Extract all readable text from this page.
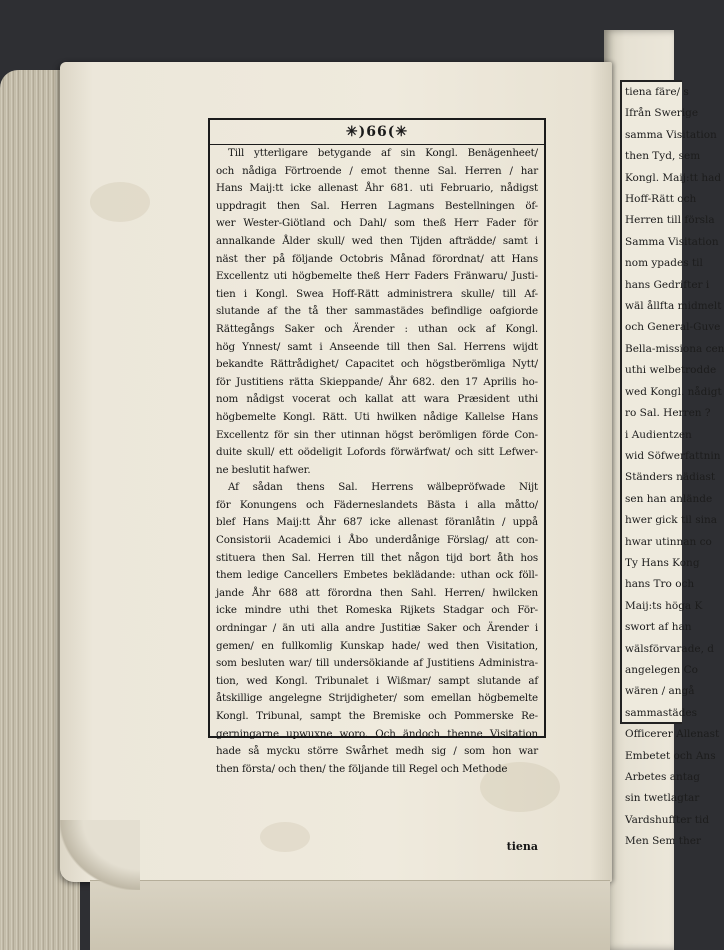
tiena färe/ s
Ifrån Swerige
samma Visitation
then Tyd, sem
Kongl. Maij:tt had
Hoff-Rätt och
Herren till försla
Samma Visitation
nom ypades til
hans Gedrifter i
wäl ållfta midmelt
och General-Guve
Bella-missiona cen
uthi welbetrodde
wed Kongl. nådigt
ro Sal. Herren ?
i Audientzen
wid Söfwerfattnin
Ständers nädiast
sen han anlände
hwer gick til sina
hwar utinnan co
Ty Hans Kong
hans Tro och
Maij:ts höga K
swort af han
wälsförvarade, d
angelegen Co
wären / angå
sammastädes
Officerer Allenast
Embetet och Ans
Arbetes antag
sin twetlagtar
Vardshuffter tid
Men Sem ther
✳)66(✳
Till ytterligare betygande af sin Kongl. Benägenheet/
och nådiga Förtroende / emot thenne Sal. Herren / har
Hans Maij:tt icke allenast Åhr 681. uti Februario, nådigst
uppdragit then Sal. Herren Lagmans Bestellningen öf-
wer Wester-Giötland och Dahl/ som theß Herr Fader för
annalkande Ålder skull/ wed then Tijden afträdde/ samt i
näst ther på följande Octobris Månad förordnat/ att Hans
Excellentz uti högbemelte theß Herr Faders Fränwaru/ Justi-
tien i Kongl. Swea Hoff-Rätt administrera skulle/ till Af-
slutande af the tå ther sammastädes befindlige oafgiorde
Rättegångs Saker och Ärender : uthan ock af Kongl.
hög Ynnest/ samt i Anseende till then Sal. Herrens wijdt
bekandte Rättrådighet/ Capacitet och högstberömliga Nytt/
för Justitiens rätta Skieppande/ Åhr 682. den 17 Aprilis ho-
nom nådigst vocerat och kallat att wara Præsident uthi
högbemelte Kongl. Rätt. Uti hwilken nådige Kallelse Hans
Excellentz för sin ther utinnan högst berömligen förde Con-
duite skull/ ett oödeligit Lofords förwärfwat/ och sitt Lefwer-
ne beslutit hafwer.
Af sådan thens Sal. Herrens wälbepröfwade Nijt
för Konungens och Fäderneslandets Bästa i alla måtto/
blef Hans Maij:tt Åhr 687 icke allenast föranlåtin / uppå
Consistorii Academici i Åbo underdånige Förslag/ att con-
stituera then Sal. Herren till thet någon tijd bort åth hos
them ledige Cancellers Embetes beklädande: uthan ock föll-
jande Åhr 688 att förordna then Sahl. Herren/ hwilcken
icke mindre uthi thet Romeska Rijkets Stadgar och För-
ordningar / än uti alla andre Justitiæ Saker och Ärender i
gemen/ en fullkomlig Kunskap hade/ wed then Visitation,
som besluten war/ till undersökiande af Justitiens Administra-
tion, wed Kongl. Tribunalet i Wißmar/ sampt slutande af
åtskillige angelegne Strijdigheter/ som emellan högbemelte
Kongl. Tribunal, sampt the Bremiske och Pommerske Re-
gerningarne upwuxne woro. Och ändoch thenne Visitation
hade så mycku större Swårhet medh sig / som hon war
then första/ och then/ the följande till Regel och Methode
tiena
